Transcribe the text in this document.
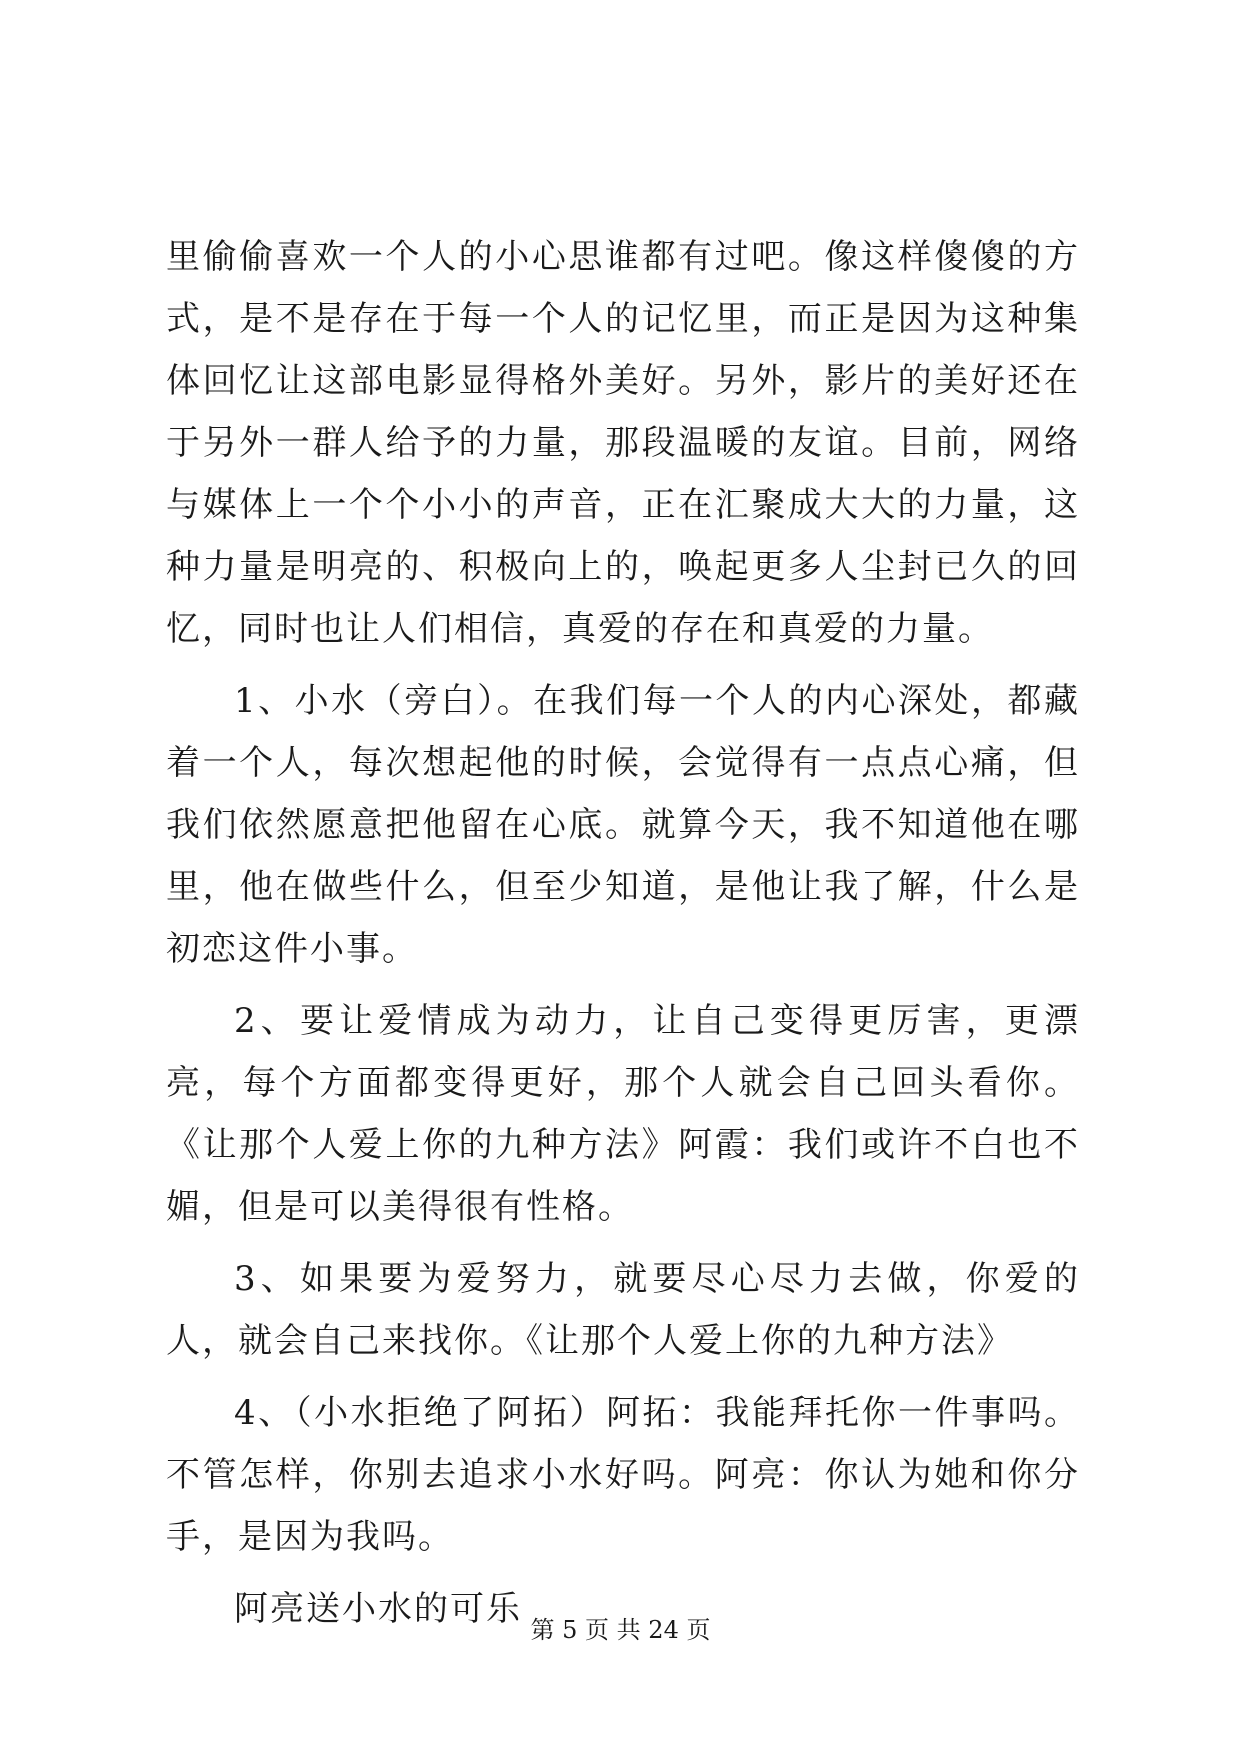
里偷偷喜欢一个人的小心思谁都有过吧。像这样傻傻的方式，是不是存在于每一个人的记忆里，而正是因为这种集体回忆让这部电影显得格外美好。另外，影片的美好还在于另外一群人给予的力量，那段温暖的友谊。目前，网络与媒体上一个个小小的声音，正在汇聚成大大的力量，这种力量是明亮的、积极向上的，唤起更多人尘封已久的回忆，同时也让人们相信，真爱的存在和真爱的力量。

1、小水（旁白）。在我们每一个人的内心深处，都藏着一个人，每次想起他的时候，会觉得有一点点心痛，但我们依然愿意把他留在心底。就算今天，我不知道他在哪里，他在做些什么，但至少知道，是他让我了解，什么是初恋这件小事。

2、要让爱情成为动力，让自己变得更厉害，更漂亮，每个方面都变得更好，那个人就会自己回头看你。《让那个人爱上你的九种方法》阿霞：我们或许不白也不媚，但是可以美得很有性格。

3、如果要为爱努力，就要尽心尽力去做，你爱的人，就会自己来找你。《让那个人爱上你的九种方法》

4、（小水拒绝了阿拓）阿拓：我能拜托你一件事吗。不管怎样，你别去追求小水好吗。阿亮：你认为她和你分手，是因为我吗。

阿亮送小水的可乐

第 5 页 共 24 页
